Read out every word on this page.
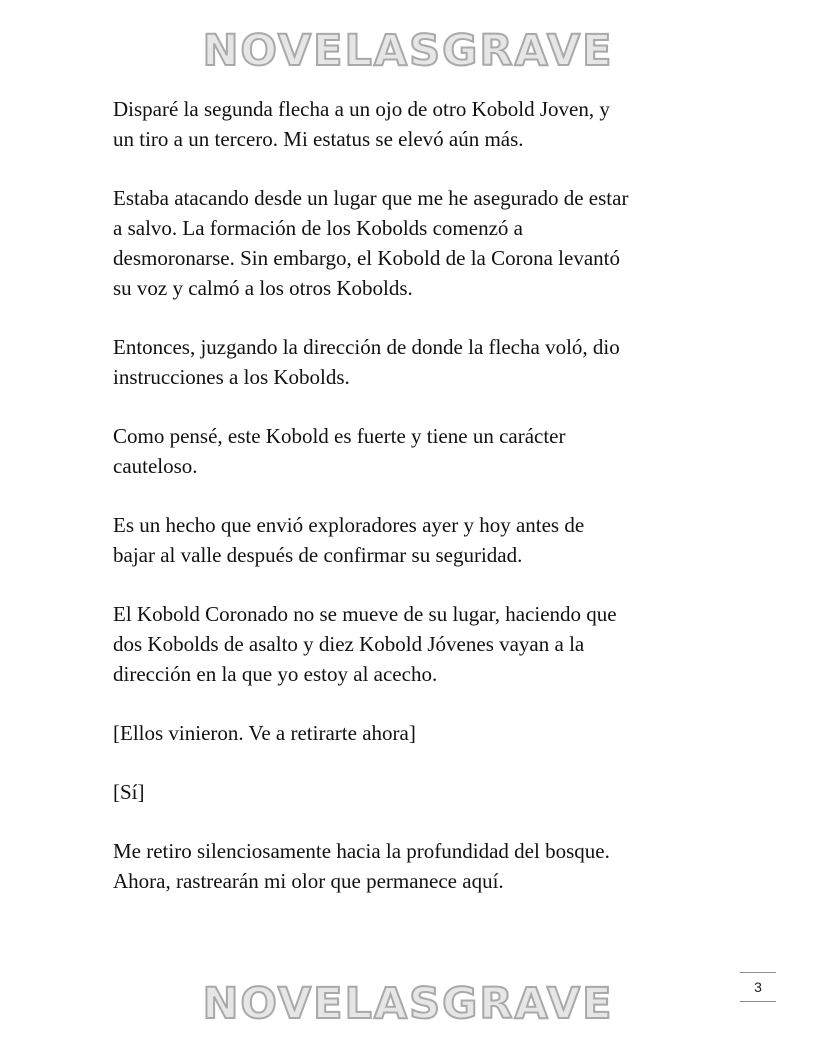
NOVELASGRAVE

Disparé la segunda flecha a un ojo de otro Kobold Joven, y
un tiro a un tercero. Mi estatus se elevó aún más.

Estaba atacando desde un lugar que me he asegurado de estar
a salvo. La formación de los Kobolds comenzó a
desmoronarse. Sin embargo, el Kobold de la Corona levantó
su voz y calmó a los otros Kobolds.

Entonces, juzgando la dirección de donde la flecha voló, dio
instrucciones a los Kobolds.

Como pensé, este Kobold es fuerte y tiene un carácter
cauteloso.

Es un hecho que envió exploradores ayer y hoy antes de
bajar al valle después de confirmar su seguridad.

El Kobold Coronado no se mueve de su lugar, haciendo que
dos Kobolds de asalto y diez Kobold Jóvenes vayan a la
dirección en la que yo estoy al acecho.

[Ellos vinieron. Ve a retirarte ahora]

[Sí]

Me retiro silenciosamente hacia la profundidad del bosque.
Ahora, rastrearán mi olor que permanece aquí.

3
NOVELASGRAVE
